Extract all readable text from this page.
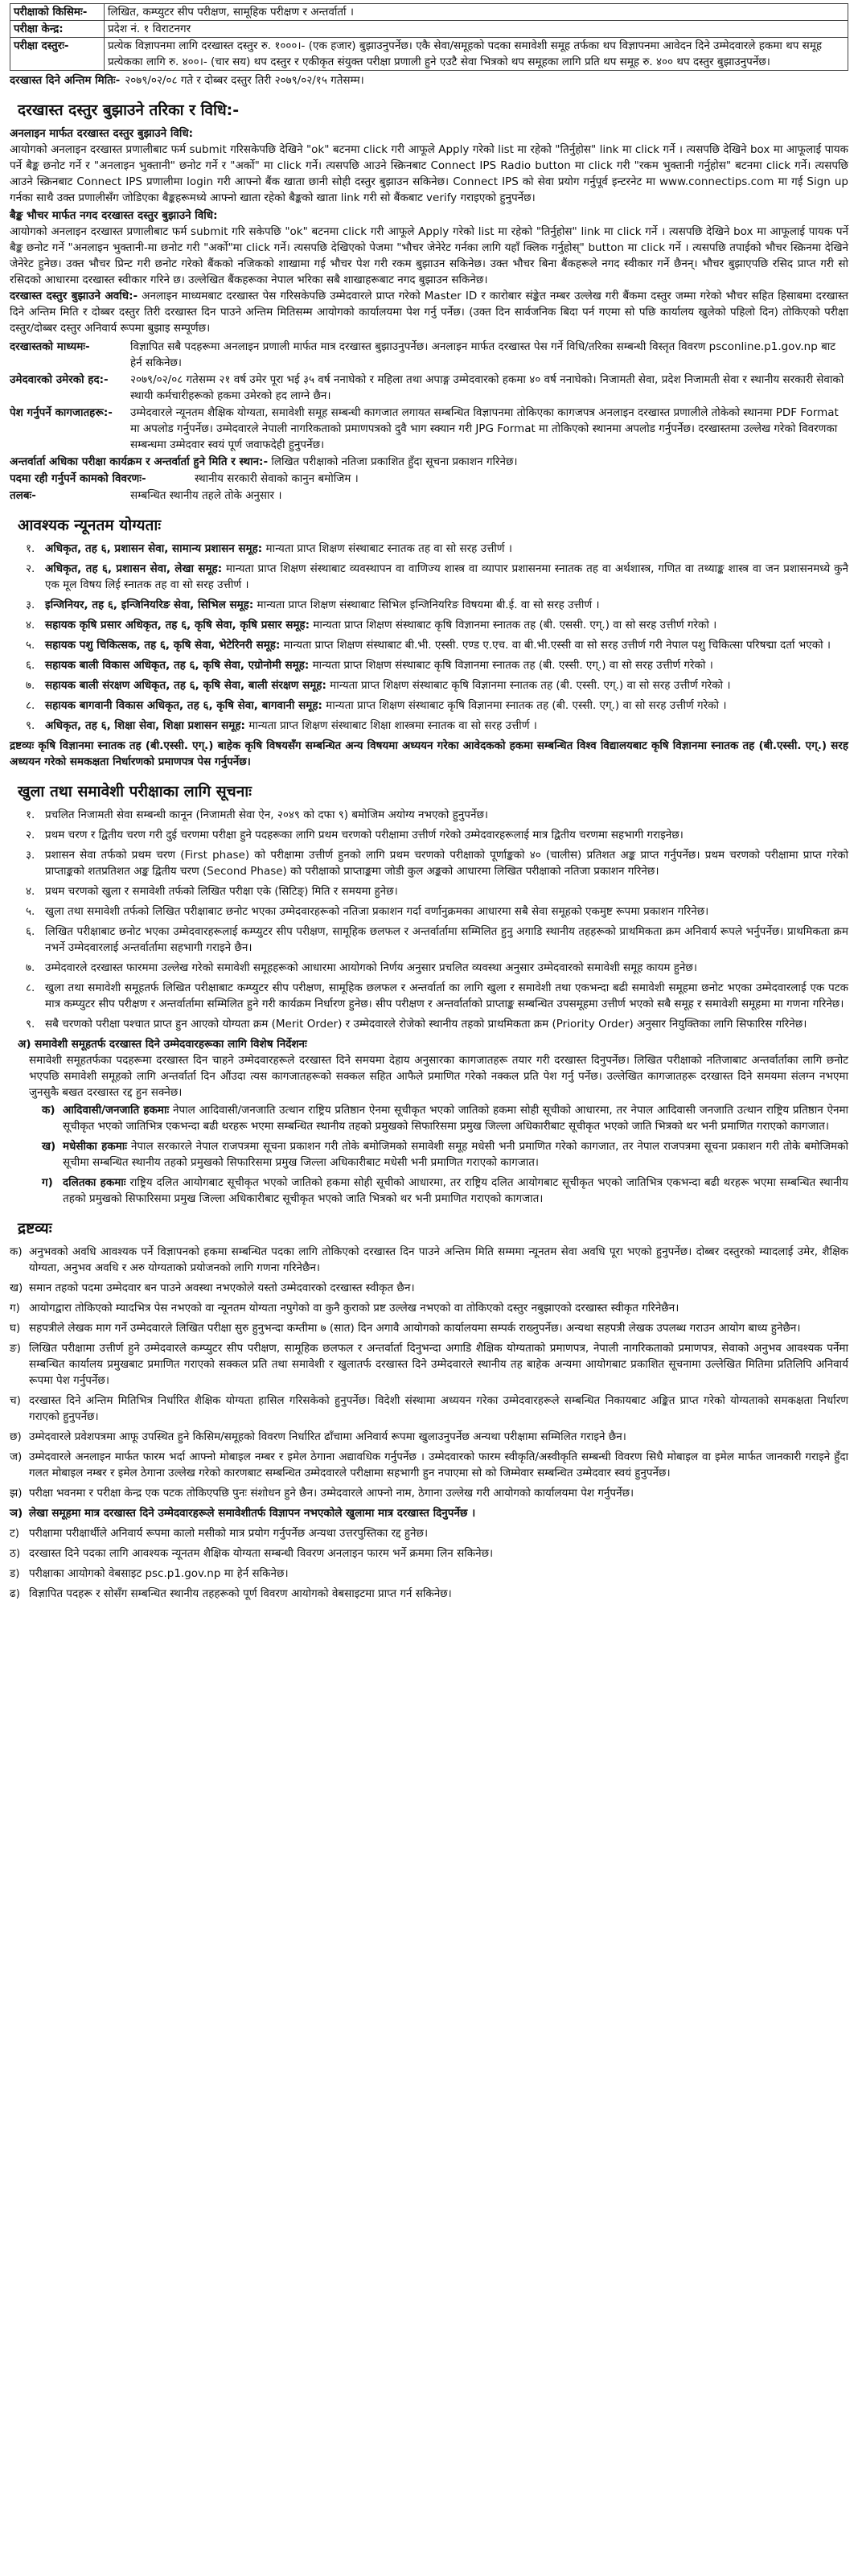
परीक्षाको किसिमः-	लिखित, कम्प्युटर सीप परीक्षण, सामूहिक परीक्षण र अन्तर्वार्ता ।
परीक्षा केन्द्र:	प्रदेश नं. १ विराटनगर
परीक्षा दस्तुरः-	प्रत्येक विज्ञापनमा लागि दरखास्त दस्तुर रु. १०००।- (एक हजार) बुझाउनुपर्नेछ। एकै सेवा/समूहको पदका समावेशी समूह तर्फका थप विज्ञापनमा आवेदन दिने उम्मेदवारले हकमा थप समूह प्रत्येकका लागि रु. ४००।- (चार सय) थप दस्तुर र एकीकृत संयुक्त परीक्षा प्रणाली हुने एउटै सेवा भित्रको थप समूहका लागि प्रति थप समूह रु. ४०० थप दस्तुर बुझाउनुपर्नेछ।
दरखास्त दिने अन्तिम मितिः- २०७९/०२/०८ गते र दोब्बर दस्तुर तिरी २०७९/०२/१५ गतेसम्म।
दरखास्त दस्तुर बुझाउने तरिका र विधि:-
अनलाइन मार्फत दरखास्त दस्तुर बुझाउने विधि:

आयोगको अनलाइन दरखास्त प्रणालीबाट फर्म submit गरिसकेपछि देखिने "ok" बटनमा click गरी आफूले Apply गरेको list मा रहेको "तिर्नुहोस" link मा click गर्ने । त्यसपछि देखिने box मा आफूलाई पायक पर्ने बैङ्क छनोट गर्ने र "अनलाइन भुक्तानी" छनोट गर्ने र "अर्को" मा click गर्ने। त्यसपछि आउने स्क्रिनबाट Connect IPS Radio button मा click गरी "रकम भुक्तानी गर्नुहोस" बटनमा click गर्ने। त्यसपछि आउने स्क्रिनबाट Connect IPS प्रणालीमा login गरी आफ्नो बैंक खाता छानी सोही दस्तुर बुझाउन सकिनेछ। Connect IPS को सेवा प्रयोग गर्नुपूर्व इन्टरनेट मा www.connectips.com मा गई Sign up गर्नका साथै उक्त प्रणालीसँग जोडिएका बैङ्कहरूमध्ये आफ्नो खाता रहेको बैङ्कको खाता link गरी सो बैंकबाट verify गराइएको हुनुपर्नेछ।

बैङ्क भौचर मार्फत नगद दरखास्त दस्तुर बुझाउने विधि:

आयोगको अनलाइन दरखास्त प्रणालीबाट फर्म submit गरि सकेपछि "ok" बटनमा click गरी आफूले Apply गरेको list मा रहेको "तिर्नुहोस" link मा click गर्ने । त्यसपछि देखिने box मा आफूलाई पायक पर्ने बैङ्क छनोट गर्ने "अनलाइन भुक्तानी-मा छनोट गरी "अर्को"मा click गर्ने। त्यसपछि देखिएको पेजमा "भौचर जेनेरेट गर्नका लागि यहाँ क्लिक गर्नुहोस्" button मा click गर्ने । त्यसपछि तपाईको भौचर स्क्रिनमा देखिने जेनेरेट हुनेछ। उक्त भौचर प्रिन्ट गरी छनोट गरेको बैंकको नजिकको शाखामा गई भौचर पेश गरी रकम बुझाउन सकिनेछ। उक्त भौचर बिना बैंकहरूले नगद स्वीकार गर्ने छैनन्। भौचर बुझाएपछि रसिद प्राप्त गरी सो रसिदको आधारमा दरखास्त स्वीकार गरिने छ। उल्लेखित बैंकहरूका नेपाल भरिका सबै शाखाहरूबाट नगद बुझाउन सकिनेछ।

दरखास्त दस्तुर बुझाउने अवधि:- अनलाइन माध्यमबाट दरखास्त पेस गरिसकेपछि उम्मेदवारले प्राप्त गरेको Master ID र कारोबार संङ्केत नम्बर उल्लेख गरी बैंकमा दस्तुर जम्मा गरेको भौचर सहित हिसाबमा दरखास्त दिने अन्तिम मिति र दोब्बर दस्तुर तिरी दरखास्त दिन पाउने अन्तिम मितिसम्म आयोगको कार्यालयमा पेश गर्नु पर्नेछ। (उक्त दिन सार्वजनिक बिदा पर्न गएमा सो पछि कार्यालय खुलेको पहिलो दिन) तोकिएको परीक्षा दस्तुर/दोब्बर दस्तुर अनिवार्य रूपमा बुझाइ सम्पूर्णछ।

दरखास्तको माध्यमः-	विज्ञापित सबै पदहरूमा अनलाइन प्रणाली मार्फत मात्र दरखास्त बुझाउनुपर्नेछ। अनलाइन मार्फत दरखास्त पेस गर्ने विधि/तरिका सम्बन्धी विस्तृत विवरण psconline.p1.gov.np बाट हेर्न सकिनेछ।
उमेदवारको उमेरको हद:-	२०७९/०२/०८ गतेसम्म २१ वर्ष उमेर पूरा भई ३५ वर्ष ननाघेको र महिला तथा अपाङ्ग उम्मेदवारको हकमा ४० वर्ष ननाघेको। निजामती सेवा, प्रदेश निजामती सेवा र स्थानीय सरकारी सेवाको स्थायी कर्मचारीहरूको हकमा उमेरको हद लाग्ने छैन।
पेश गर्नुपर्ने कागजातहरू:-	उम्मेदवारले न्यूनतम शैक्षिक योग्यता, समावेशी समूह सम्बन्धी कागजात लगायत सम्बन्धित विज्ञापनमा तोकिएका कागजपत्र अनलाइन दरखास्त प्रणालीले तोकेको स्थानमा PDF Format मा अपलोड गर्नुपर्नेछ। उम्मेदवारले नेपाली नागरिकताको प्रमाणपत्रको दुवै भाग स्क्यान गरी JPG Format मा तोकिएको स्थानमा अपलोड गर्नुपर्नेछ। दरखास्तमा उल्लेख गरेको विवरणका सम्बन्धमा उम्मेदवार स्वयं पूर्ण जवाफदेही हुनुपर्नेछ।

अन्तर्वार्ता अधिका परीक्षा कार्यक्रम र अन्तर्वार्ता हुने मिति र स्थान:- लिखित परीक्षाको नतिजा प्रकाशित हुँदा सूचना प्रकाशन गरिनेछ।

पदमा रही गर्नुपर्ने कामको विवरणः-	स्थानीय सरकारी सेवाको कानुन बमोजिम ।
तलबः-	सम्बन्धित स्थानीय तहले तोके अनुसार ।
आवश्यक न्यूनतम योग्यताः
१. अधिकृत, तह ६, प्रशासन सेवा, सामान्य प्रशासन समूह: मान्यता प्राप्त शिक्षण संस्थाबाट स्नातक तह वा सो सरह उत्तीर्ण ।
२. अधिकृत, तह ६, प्रशासन सेवा, लेखा समूह: मान्यता प्राप्त शिक्षण संस्थाबाट व्यवस्थापन वा वाणिज्य शास्त्र वा व्यापार प्रशासनमा स्नातक तह वा अर्थशास्त्र, गणित वा तथ्याङ्क शास्त्र वा जन प्रशासनमध्ये कुनै एक मूल विषय लिई स्नातक तह वा सो सरह उत्तीर्ण ।
३. इन्जिनियर, तह ६, इन्जिनियरिङ सेवा, सिभिल समूह: मान्यता प्राप्त शिक्षण संस्थाबाट सिभिल इन्जिनियरिङ विषयमा बी.ई. वा सो सरह उत्तीर्ण ।
४. सहायक कृषि प्रसार अधिकृत, तह ६, कृषि सेवा, कृषि प्रसार समूह: मान्यता प्राप्त शिक्षण संस्थाबाट कृषि विज्ञानमा स्नातक तह (बी. एससी. एग्.) वा सो सरह उत्तीर्ण गरेको ।
५. सहायक पशु चिकित्सक, तह ६, कृषि सेवा, भेटेरिनरी समूह: मान्यता प्राप्त शिक्षण संस्थाबाट बी.भी. एस्सी. एण्ड ए.एच. वा बी.भी.एस्सी वा सो सरह उत्तीर्ण गरी नेपाल पशु चिकित्सा परिषद्मा दर्ता भएको ।
६. सहायक बाली विकास अधिकृत, तह ६, कृषि सेवा, एग्रोनोमी समूह: मान्यता प्राप्त शिक्षण संस्थाबाट कृषि विज्ञानमा स्नातक तह (बी. एस्सी. एग्.) वा सो सरह उत्तीर्ण गरेको ।
७. सहायक बाली संरक्षण अधिकृत, तह ६, कृषि सेवा, बाली संरक्षण समूह: मान्यता प्राप्त शिक्षण संस्थाबाट कृषि विज्ञानमा स्नातक तह (बी. एस्सी. एग्.) वा सो सरह उत्तीर्ण गरेको ।
८. सहायक बागवानी विकास अधिकृत, तह ६, कृषि सेवा, बागवानी समूह: मान्यता प्राप्त शिक्षण संस्थाबाट कृषि विज्ञानमा स्नातक तह (बी. एस्सी. एग्.) वा सो सरह उत्तीर्ण गरेको ।
९. अधिकृत, तह ६, शिक्षा सेवा, शिक्षा प्रशासन समूह: मान्यता प्राप्त शिक्षण संस्थाबाट शिक्षा शास्त्रमा स्नातक वा सो सरह उत्तीर्ण ।

द्रष्टव्यः कृषि विज्ञानमा स्नातक तह (बी.एस्सी. एग्.) बाहेक कृषि विषयसँग सम्बन्धित अन्य विषयमा अध्ययन गरेका आवेदकको हकमा सम्बन्धित विश्व विद्यालयबाट कृषि विज्ञानमा स्नातक तह (बी.एस्सी. एग्.) सरह अध्ययन गरेको समकक्षता निर्धारणको प्रमाणपत्र पेस गर्नुपर्नेछ।

खुला तथा समावेशी परीक्षाका लागि सूचनाः
१. प्रचलित निजामती सेवा सम्बन्धी कानून (निजामती सेवा ऐन, २०४९ को दफा ९) बमोजिम अयोग्य नभएको हुनुपर्नेछ।
२. प्रथम चरण र द्वितीय चरण गरी दुई चरणमा परीक्षा हुने पदहरूका लागि प्रथम चरणको परीक्षामा उत्तीर्ण गरेको उम्मेदवारहरूलाई मात्र द्वितीय चरणमा सहभागी गराइनेछ।
३. प्रशासन सेवा तर्फको प्रथम चरण (First phase) को परीक्षामा उत्तीर्ण हुनको लागि प्रथम चरणको परीक्षाको पूर्णाङ्कको ४० (चालीस) प्रतिशत अङ्क प्राप्त गर्नुपर्नेछ। प्रथम चरणको परीक्षामा प्राप्त गरेको प्राप्ताङ्कको शतप्रतिशत अङ्क द्वितीय चरण (Second Phase) को परीक्षाको प्राप्ताङ्कमा जोडी कुल अङ्कको आधारमा लिखित परीक्षाको नतिजा प्रकाशन गरिनेछ।
४. प्रथम चरणको खुला र समावेशी तर्फको लिखित परीक्षा एके (सिटिङ्) मिति र समयमा हुनेछ।
५. खुला तथा समावेशी तर्फको लिखित परीक्षाबाट छनोट भएका उम्मेदवारहरूको नतिजा प्रकाशन गर्दा वर्णानुक्रमका आधारमा सबै सेवा समूहको एकमुष्ट रूपमा प्रकाशन गरिनेछ।
६. लिखित परीक्षाबाट छनोट भएका उम्मेदवारहरूलाई कम्प्युटर सीप परीक्षण, सामूहिक छलफल र अन्तर्वार्तामा सम्मिलित हुनु अगाडि स्थानीय तहहरूको प्राथमिकता क्रम अनिवार्य रूपले भर्नुपर्नेछ। प्राथमिकता क्रम नभर्ने उम्मेदवारलाई अन्तर्वार्तामा सहभागी गराइने छैन।
७. उम्मेदवारले दरखास्त फारममा उल्लेख गरेको समावेशी समूहहरूको आधारमा आयोगको निर्णय अनुसार प्रचलित व्यवस्था अनुसार उम्मेदवारको समावेशी समूह कायम हुनेछ।
८. खुला तथा समावेशी समूहतर्फ लिखित परीक्षाबाट कम्प्युटर सीप परीक्षण, सामूहिक छलफल र अन्तर्वार्ता का लागि खुला र समावेशी तथा एकभन्दा बढी समावेशी समूहमा छनोट भएका उम्मेदवारलाई एक पटक मात्र कम्प्युटर सीप परीक्षण र अन्तर्वार्तामा सम्मिलित हुने गरी कार्यक्रम निर्धारण हुनेछ। सीप परीक्षण र अन्तर्वार्ताको प्राप्ताङ्क सम्बन्धित उपसमूहमा उत्तीर्ण भएको सबै समूह र समावेशी समूहमा मा गणना गरिनेछ।
९. सबै चरणको परीक्षा पश्चात प्राप्त हुन आएको योग्यता क्रम (Merit Order) र उम्मेदवारले रोजेको स्थानीय तहको प्राथमिकता क्रम (Priority Order) अनुसार नियुक्तिका लागि सिफारिस गरिनेछ।
अ) समावेशी समूहतर्फ दरखास्त दिने उम्मेदवारहरूका लागि विशेष निर्देशनः

समावेशी समूहतर्फका पदहरूमा दरखास्त दिन चाहने उम्मेदवारहरूले दरखास्त दिने समयमा देहाय अनुसारका कागजातहरू तयार गरी दरखास्त दिनुपर्नेछ। लिखित परीक्षाको नतिजाबाट अन्तर्वार्ताका लागि छनोट भएपछि समावेशी समूहको लागि अन्तर्वार्ता दिन औंउदा त्यस कागजातहरूको सक्कल सहित आफैले प्रमाणित गरेको नक्कल प्रति पेश गर्नु पर्नेछ। उल्लेखित कागजातहरू दरखास्त दिने समयमा संलग्न नभएमा जुनसुकै बखत दरखास्त रद्द हुन सक्नेछ।

क) आदिवासी/जनजाति हकमाः नेपाल आदिवासी/जनजाति उत्थान राष्ट्रिय प्रतिष्ठान ऐनमा सूचीकृत भएको जातिको हकमा सोही सूचीको आधारमा, तर नेपाल आदिवासी जनजाति उत्थान राष्ट्रिय प्रतिष्ठान ऐनमा सूचीकृत भएको जातिभित्र एकभन्दा बढी थरहरू भएमा सम्बन्धित स्थानीय तहको प्रमुखको सिफारिसमा प्रमुख जिल्ला अधिकारीबाट सूचीकृत भएको जाति भित्रको थर भनी प्रमाणित गराएको कागजात।
ख) मधेसीका हकमाः नेपाल सरकारले नेपाल राजपत्रमा सूचना प्रकाशन गरी तोके बमोजिमको समावेशी समूह मधेसी भनी प्रमाणित गरेको कागजात, तर नेपाल राजपत्रमा सूचना प्रकाशन गरी तोके बमोजिमको सूचीमा सम्बन्धित स्थानीय तहको प्रमुखको सिफारिसमा प्रमुख जिल्ला अधिकारीबाट मधेसी भनी प्रमाणित गराएको कागजात।
ग) दलितका हकमाः राष्ट्रिय दलित आयोगबाट सूचीकृत भएको जातिको हकमा सोही सूचीको आधारमा, तर राष्ट्रिय दलित आयोगबाट सूचीकृत भएको जातिभित्र एकभन्दा बढी थरहरू भएमा सम्बन्धित स्थानीय तहको प्रमुखको सिफारिसमा प्रमुख जिल्ला अधिकारीबाट सूचीकृत भएको जाति भित्रको थर भनी प्रमाणित गराएको कागजात।
द्रष्टव्यः
क) अनुभवको अवधि आवश्यक पर्ने विज्ञापनको हकमा सम्बन्धित पदका लागि तोकिएको दरखास्त दिन पाउने अन्तिम मिति सम्ममा न्यूनतम सेवा अवधि पूरा भएको हुनुपर्नेछ। दोब्बर दस्तुरको म्यादलाई उमेर, शैक्षिक योग्यता, अनुभव अवधि र अरु योग्यताको प्रयोजनको लागि गणना गरिनेछैन।
ख) समान तहको पदमा उम्मेदवार बन पाउने अवस्था नभएकोले यस्तो उम्मेदवारको दरखास्त स्वीकृत छैन।
ग) आयोगद्वारा तोकिएको म्यादभित्र पेस नभएको वा न्यूनतम योग्यता नपुगेको वा कुनै कुराको प्रष्ट उल्लेख नभएको वा तोकिएको दस्तुर नबुझाएको दरखास्त स्वीकृत गरिनेछैन।
घ) सहपत्रीले लेखक माग गर्ने उम्मेदवारले लिखित परीक्षा सुरु हुनुभन्दा कम्तीमा ७ (सात) दिन अगावै आयोगको कार्यालयमा सम्पर्क राख्नुपर्नेछ। अन्यथा सहपत्री लेखक उपलब्ध गराउन आयोग बाध्य हुनेछैन।
ङ) लिखित परीक्षामा उत्तीर्ण हुने उम्मेदवारले कम्प्युटर सीप परीक्षण, सामूहिक छलफल र अन्तर्वार्ता दिनुभन्दा अगाडि शैक्षिक योग्यताको प्रमाणपत्र, नेपाली नागरिकताको प्रमाणपत्र, सेवाको अनुभव आवश्यक पर्नेमा सम्बन्धित कार्यालय प्रमुखबाट प्रमाणित गराएको सक्कल प्रति तथा समावेशी र खुलातर्फ दरखास्त दिने उम्मेदवारले स्थानीय तह बाहेक अन्यमा आयोगबाट प्रकाशित सूचनामा उल्लेखित मितिमा प्रतिलिपि अनिवार्य रूपमा पेश गर्नुपर्नेछ।
च) दरखास्त दिने अन्तिम मितिभित्र निर्धारित शैक्षिक योग्यता हासिल गरिसकेको हुनुपर्नेछ। विदेशी संस्थामा अध्ययन गरेका उम्मेदवारहरूले सम्बन्धित निकायबाट अङ्कित प्राप्त गरेको योग्यताको समकक्षता निर्धारण गराएको हुनुपर्नेछ।
छ) उम्मेदवारले प्रवेशपत्रमा आफू उपस्थित हुने किसिम/समूहको विवरण निर्धारित ढाँचामा अनिवार्य रूपमा खुलाउनुपर्नेछ अन्यथा परीक्षामा सम्मिलित गराइने छैन।
ज) उम्मेदवारले अनलाइन मार्फत फारम भर्दा आफ्नो मोबाइल नम्बर र इमेल ठेगाना अद्यावधिक गर्नुपर्नेछ । उम्मेदवारको फारम स्वीकृति/अस्वीकृति सम्बन्धी विवरण सिधै मोबाइल वा इमेल मार्फत जानकारी गराइने हुँदा गलत मोबाइल नम्बर र इमेल ठेगाना उल्लेख गरेको कारणबाट सम्बन्धित उम्मेदवारले परीक्षामा सहभागी हुन नपाएमा सो को जिम्मेवार सम्बन्धित उम्मेदवार स्वयं हुनुपर्नेछ।
झ) परीक्षा भवनमा र परीक्षा केन्द्र एक पटक तोकिएपछि पुनः संशोधन हुने छैन। उम्मेदवारले आफ्नो नाम, ठेगाना उल्लेख गरी आयोगको कार्यालयमा पेश गर्नुपर्नेछ।
ञ) लेखा समूहमा मात्र दरखास्त दिने उम्मेदवारहरूले समावेशीतर्फ विज्ञापन नभएकोले खुलामा मात्र दरखास्त दिनुपर्नेछ ।
ट) परीक्षामा परीक्षार्थीले अनिवार्य रूपमा कालो मसीको मात्र प्रयोग गर्नुपर्नेछ अन्यथा उत्तरपुस्तिका रद्द हुनेछ।
ठ) दरखास्त दिने पदका लागि आवश्यक न्यूनतम शैक्षिक योग्यता सम्बन्धी विवरण अनलाइन फारम भर्ने क्रममा लिन सकिनेछ।
ड) परीक्षाका आयोगको वेबसाइट psc.p1.gov.np मा हेर्न सकिनेछ।
ढ) विज्ञापित पदहरू र सोसँग सम्बन्धित स्थानीय तहहरूको पूर्ण विवरण आयोगको वेबसाइटमा प्राप्त गर्न सकिनेछ।
